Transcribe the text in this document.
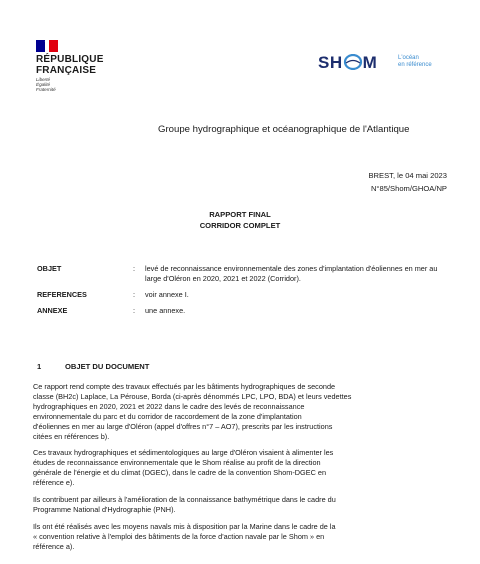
RÉPUBLIQUE
FRANÇAISE
Liberté
Égalité
Fraternité
SH M	L'océan
en référence
Groupe hydrographique et océanographique de l'Atlantique
BREST, le 04 mai 2023
N°85/Shom/GHOA/NP
RAPPORT FINAL
CORRIDOR COMPLET
OBJET	: levé de reconnaissance environnementale des zones d'implantation d'éoliennes en mer au large d'Oléron en 2020, 2021 et 2022 (Corridor).
REFERENCES	: voir annexe I.
ANNEXE	: une annexe.
1	OBJET DU DOCUMENT
Ce rapport rend compte des travaux effectués par les bâtiments hydrographiques de seconde
classe (BH2c) Laplace, La Pérouse, Borda (ci-après dénommés LPC, LPO, BDA) et leurs vedettes
hydrographiques en 2020, 2021 et 2022 dans le cadre des levés de reconnaissance
environnementale du parc et du corridor de raccordement de la zone d'implantation
d'éoliennes en mer au large d'Oléron (appel d'offres n°7 – AO7), prescrits par les instructions
citées en références b).
Ces travaux hydrographiques et sédimentologiques au large d'Oléron visaient à alimenter les
études de reconnaissance environnementale que le Shom réalise au profit de la direction
générale de l'énergie et du climat (DGEC), dans le cadre de la convention Shom-DGEC en
référence e).
Ils contribuent par ailleurs à l'amélioration de la connaissance bathymétrique dans le cadre du
Programme National d'Hydrographie (PNH).
Ils ont été réalisés avec les moyens navals mis à disposition par la Marine dans le cadre de la
« convention relative à l'emploi des bâtiments de la force d'action navale par le Shom » en
référence a).
